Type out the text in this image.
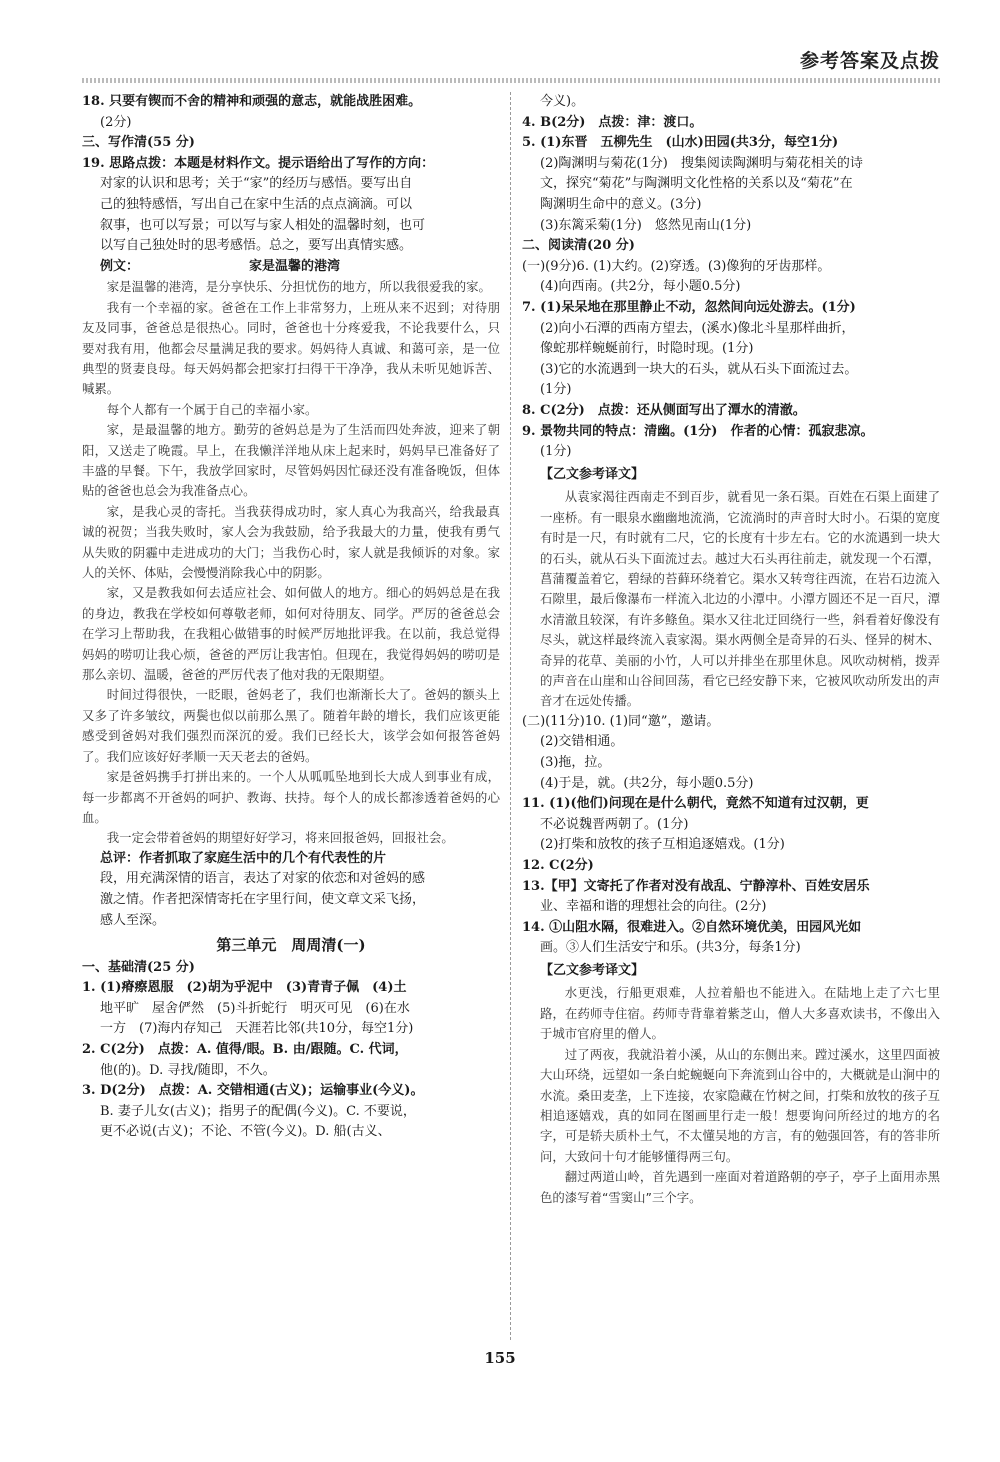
参考答案及点拨

18. 只要有锲而不舍的精神和顽强的意志，就能战胜困难。

(2分)

三、写作清(55 分)

19. 思路点拨：本题是材料作文。提示语给出了写作的方向：

对家的认识和思考；关于“家”的经历与感悟。要写出自

己的独特感悟，写出自己在家中生活的点点滴滴。可以

叙事，也可以写景；可以写与家人相处的温馨时刻，也可

以写自己独处时的思考感悟。总之，要写出真情实感。

例文：	家是温馨的港湾

家是温馨的港湾，是分享快乐、分担忧伤的地方，所以我很爱我的家。

我有一个幸福的家。爸爸在工作上非常努力，上班从来不迟到；对待朋友及同事，爸爸总是很热心。同时，爸爸也十分疼爱我，不论我要什么，只要对我有用，他都会尽量满足我的要求。妈妈待人真诚、和蔼可亲，是一位典型的贤妻良母。每天妈妈都会把家打扫得干干净净，我从未听见她诉苦、喊累。

每个人都有一个属于自己的幸福小家。

家，是最温馨的地方。勤劳的爸妈总是为了生活而四处奔波，迎来了朝阳，又送走了晚霞。早上，在我懒洋洋地从床上起来时，妈妈早已准备好了丰盛的早餐。下午，我放学回家时，尽管妈妈因忙碌还没有准备晚饭，但体贴的爸爸也总会为我准备点心。

家，是我心灵的寄托。当我获得成功时，家人真心为我高兴，给我最真诚的祝贺；当我失败时，家人会为我鼓励，给予我最大的力量，使我有勇气从失败的阴霾中走进成功的大门；当我伤心时，家人就是我倾诉的对象。家人的关怀、体贴，会慢慢消除我心中的阴影。

家，又是教我如何去适应社会、如何做人的地方。细心的妈妈总是在我的身边，教我在学校如何尊敬老师，如何对待朋友、同学。严厉的爸爸总会在学习上帮助我，在我粗心做错事的时候严厉地批评我。在以前，我总觉得妈妈的唠叨让我心烦，爸爸的严厉让我害怕。但现在，我觉得妈妈的唠叨是那么亲切、温暖，爸爸的严厉代表了他对我的无限期望。

时间过得很快，一眨眼，爸妈老了，我们也渐渐长大了。爸妈的额头上又多了许多皱纹，两鬓也似以前那么黑了。随着年龄的增长，我们应该更能感受到爸妈对我们强烈而深沉的爱。我们已经长大，该学会如何报答爸妈了。我们应该好好孝顺一天天老去的爸妈。

家是爸妈携手打拼出来的。一个人从呱呱坠地到长大成人到事业有成，每一步都离不开爸妈的呵护、教诲、扶持。每个人的成长都渗透着爸妈的心血。

我一定会带着爸妈的期望好好学习，将来回报爸妈，回报社会。

总评：作者抓取了家庭生活中的几个有代表性的片

段，用充满深情的语言，表达了对家的依恋和对爸妈的感

激之情。作者把深情寄托在字里行间，使文章文采飞扬，

感人至深。

第三单元　周周清(一)

一、基础清(25 分)

1. (1)瘠瘵恩服　(2)胡为乎泥中　(3)青青子佩　(4)土

地平旷　屋舍俨然　(5)斗折蛇行　明灭可见　(6)在水

一方　(7)海内存知己　天涯若比邻(共10分，每空1分)

2. C(2分)　点拨：A. 值得/眼。B. 由/跟随。C. 代词，

他(的)。D. 寻找/随即，不久。

3. D(2分)　点拨：A. 交错相通(古义)；运输事业(今义)。

B. 妻子儿女(古义)；指男子的配偶(今义)。C. 不要说，

更不必说(古义)；不论、不管(今义)。D. 船(古义、

今义)。

4. B(2分)　点拨：津：渡口。

5. (1)东晋　五柳先生　(山水)田园(共3分，每空1分)

(2)陶渊明与菊花(1分)　搜集阅读陶渊明与菊花相关的诗

文，探究“菊花”与陶渊明文化性格的关系以及“菊花”在

陶渊明生命中的意义。(3分)

(3)东篱采菊(1分)　悠然见南山(1分)

二、阅读清(20 分)

(一)(9分)6. (1)大约。(2)穿透。(3)像狗的牙齿那样。

(4)向西南。(共2分，每小题0.5分)

7. (1)呆呆地在那里静止不动，忽然间向远处游去。(1分)

(2)向小石潭的西南方望去，(溪水)像北斗星那样曲折，

像蛇那样蜿蜒前行，时隐时现。(1分)

(3)它的水流遇到一块大的石头，就从石头下面流过去。

(1分)

8. C(2分)　点拨：还从侧面写出了潭水的清澈。

9. 景物共同的特点：清幽。(1分)　作者的心情：孤寂悲凉。

(1分)

【乙文参考译文】

从袁家渴往西南走不到百步，就看见一条石渠。百姓在石渠上面建了一座桥。有一眼泉水幽幽地流淌，它流淌时的声音时大时小。石渠的宽度有时是一尺，有时就有二尺，它的长度有十步左右。它的水流遇到一块大的石头，就从石头下面流过去。越过大石头再往前走，就发现一个石潭，菖蒲覆盖着它，碧绿的苔藓环绕着它。渠水又转弯往西流，在岩石边流入石隙里，最后像瀑布一样流入北边的小潭中。小潭方圆还不足一百尺，潭水清澈且较深，有许多鲦鱼。渠水又往北迂回绕行一些，斜看着好像没有尽头，就这样最终流入袁家渴。渠水两侧全是奇异的石头、怪异的树木、奇异的花草、美丽的小竹，人可以并排坐在那里休息。风吹动树梢，拨弄的声音在山崖和山谷间回荡，看它已经安静下来，它被风吹动所发出的声音才在远处传播。

(二)(11分)10. (1)同“邀”，邀请。

(2)交错相通。

(3)拖，拉。

(4)于是，就。(共2分，每小题0.5分)

11. (1)(他们)问现在是什么朝代，竟然不知道有过汉朝，更

不必说魏晋两朝了。(1分)

(2)打柴和放牧的孩子互相追逐嬉戏。(1分)

12. C(2分)

13.【甲】文寄托了作者对没有战乱、宁静淳朴、百姓安居乐

业、幸福和谐的理想社会的向往。(2分)

14. ①山阻水隔，很难进入。②自然环境优美，田园风光如

画。③人们生活安宁和乐。(共3分，每条1分)

【乙文参考译文】

水更浅，行船更艰难，人拉着船也不能进入。在陆地上走了六七里路，在药师寺住宿。药师寺背靠着紫芝山，僧人大多喜欢读书，不像出入于城市官府里的僧人。

过了两夜，我就沿着小溪，从山的东侧出来。蹚过溪水，这里四面被大山环绕，远望如一条白蛇蜿蜒向下奔流到山谷中的，大概就是山涧中的水流。桑田麦垄，上下连接，农家隐藏在竹树之间，打柴和放牧的孩子互相追逐嬉戏，真的如同在图画里行走一般！想要询问所经过的地方的名字，可是轿夫质朴土气，不太懂吴地的方言，有的勉强回答，有的答非所问，大致问十句才能够懂得两三句。

翻过两道山岭，首先遇到一座面对着道路朝的亭子，亭子上面用赤黑色的漆写着“雪窦山”三个字。

155
